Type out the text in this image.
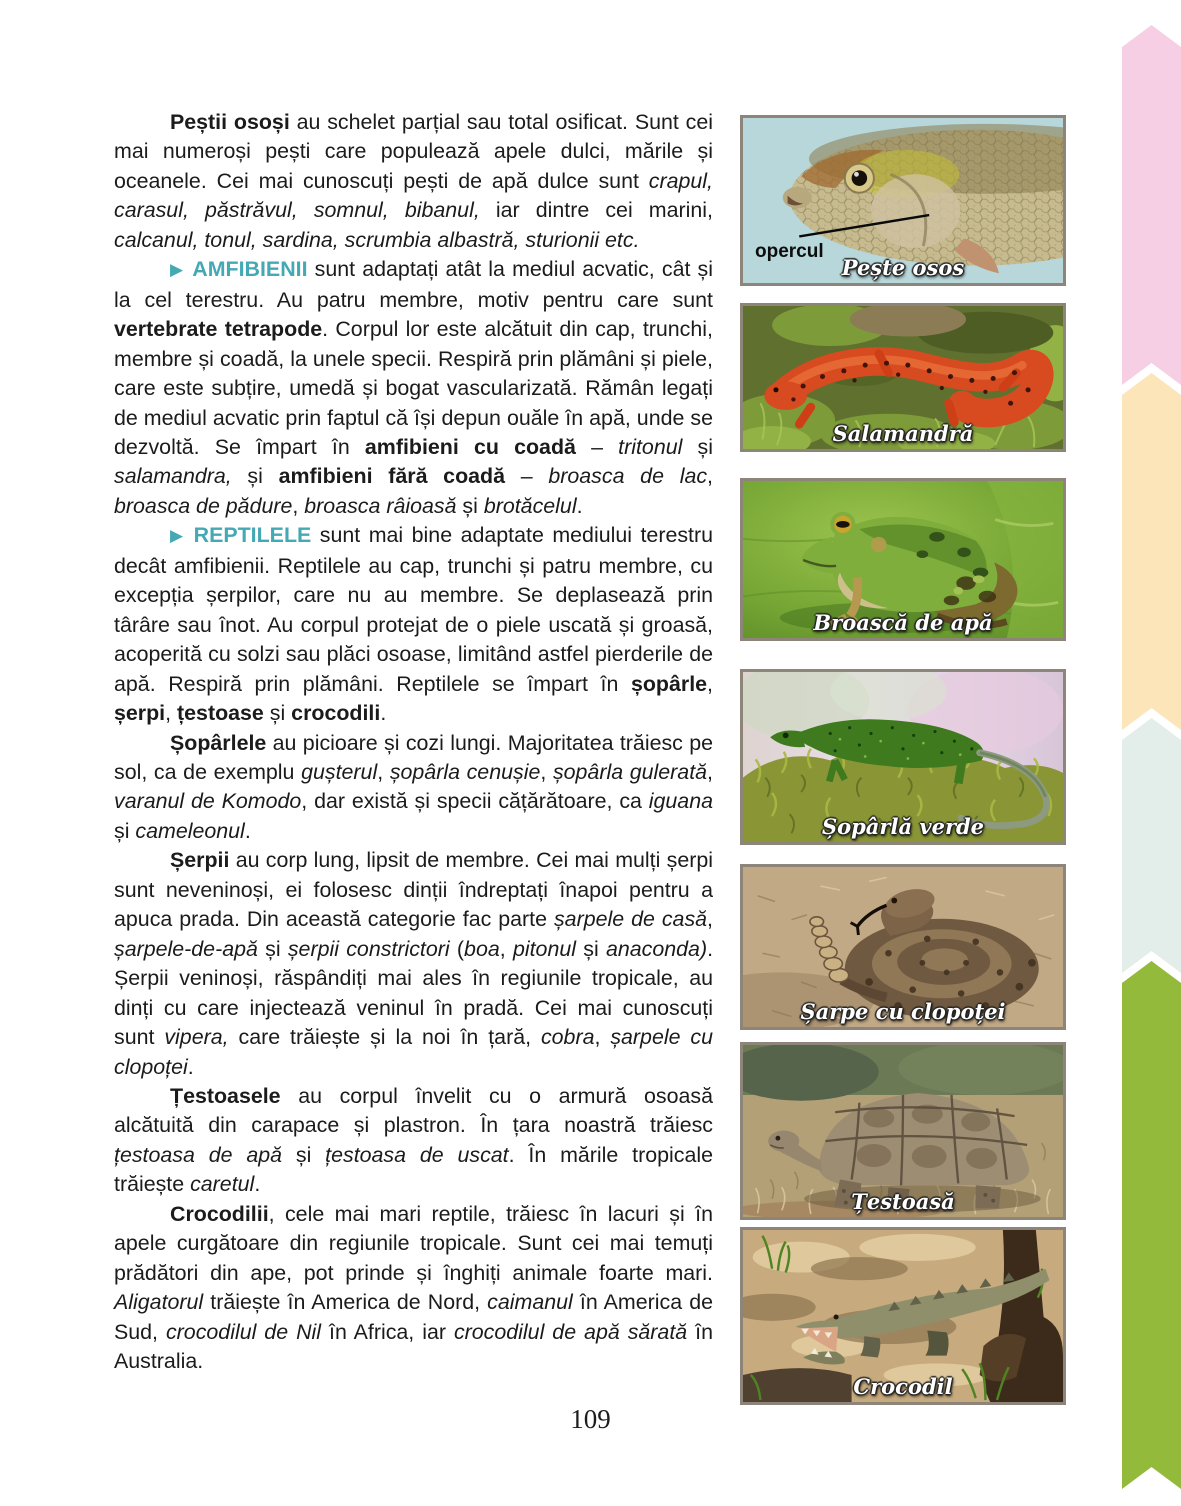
Peștii osoși au schelet parțial sau total osificat. Sunt cei mai numeroși pești care populează apele dulci, mările și oceanele. Cei mai cunoscuți pești de apă dulce sunt crapul, carasul, păstrăvul, somnul, bibanul, iar dintre cei marini, calcanul, tonul, sardina, scrumbia albastră, sturionii etc.

▶ AMFIBIENII sunt adaptați atât la mediul acvatic, cât și la cel terestru. Au patru membre, motiv pentru care sunt vertebrate tetrapode. Corpul lor este alcătuit din cap, trunchi, membre și coadă, la unele specii. Respiră prin plămâni și piele, care este subțire, umedă și bogat vascularizată. Rămân legați de mediul acvatic prin faptul că își depun ouăle în apă, unde se dezvoltă. Se împart în amfibieni cu coadă – tritonul și salamandra, și amfibieni fără coadă – broasca de lac, broasca de pădure, broasca râioasă și brotăcelul.

▶ REPTILELE sunt mai bine adaptate mediului terestru decât amfibienii. Reptilele au cap, trunchi și patru membre, cu excepția șerpilor, care nu au membre. Se deplasează prin târâre sau înot. Au corpul protejat de o piele uscată și groasă, acoperită cu solzi sau plăci osoase, limitând astfel pierderile de apă. Respiră prin plămâni. Reptilele se împart în șopârle, șerpi, țestoase și crocodili.

Șopârlele au picioare și cozi lungi. Majoritatea trăiesc pe sol, ca de exemplu gușterul, șopârla cenușie, șopârla gulerată, varanul de Komodo, dar există și specii cățărătoare, ca iguana și cameleonul.

Șerpii au corp lung, lipsit de membre. Cei mai mulți șerpi sunt neveninoși, ei folosesc dinții îndreptați înapoi pentru a apuca prada. Din această categorie fac parte șarpele de casă, șarpele-de-apă și șerpii constrictori (boa, pitonul și anaconda). Șerpii veninoși, răspândiți mai ales în regiunile tropicale, au dinți cu care injectează veninul în pradă. Cei mai cunoscuți sunt vipera, care trăiește și la noi în țară, cobra, șarpele cu clopoței.

Țestoasele au corpul învelit cu o armură osoasă alcătuită din carapace și plastron. În țara noastră trăiesc țestoasa de apă și țestoasa de uscat. În mările tropicale trăiește caretul.

Crocodilii, cele mai mari reptile, trăiesc în lacuri și în apele curgătoare din regiunile tropicale. Sunt cei mai temuți prădători din ape, pot prinde și înghiți animale foarte mari. Aligatorul trăiește în America de Nord, caimanul în America de Sud, crocodilul de Nil în Africa, iar crocodilul de apă sărată în Australia.

opercul
Pește osos
Salamandră
Broască de apă
Șopârlă verde
Șarpe cu clopoței
Țestoasă
Crocodil
109
